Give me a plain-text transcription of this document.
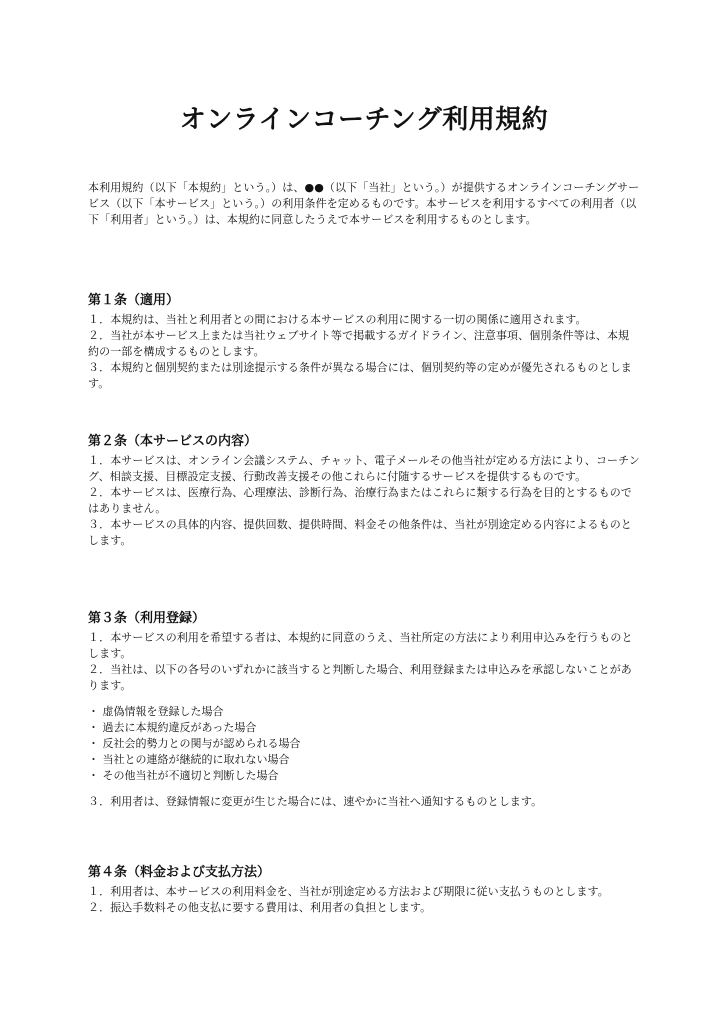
オンラインコーチング利用規約

本利用規約（以下「本規約」という。）は、●●（以下「当社」という。）が提供するオンラインコーチングサービス（以下「本サービス」という。）の利用条件を定めるものです。本サービスを利用するすべての利用者（以下「利用者」という。）は、本規約に同意したうえで本サービスを利用するものとします。

第１条（適用）

１．本規約は、当社と利用者との間における本サービスの利用に関する一切の関係に適用されます。

２．当社が本サービス上または当社ウェブサイト等で掲載するガイドライン、注意事項、個別条件等は、本規約の一部を構成するものとします。

３．本規約と個別契約または別途提示する条件が異なる場合には、個別契約等の定めが優先されるものとします。

第２条（本サービスの内容）

１．本サービスは、オンライン会議システム、チャット、電子メールその他当社が定める方法により、コーチング、相談支援、目標設定支援、行動改善支援その他これらに付随するサービスを提供するものです。

２．本サービスは、医療行為、心理療法、診断行為、治療行為またはこれらに類する行為を目的とするものではありません。

３．本サービスの具体的内容、提供回数、提供時間、料金その他条件は、当社が別途定める内容によるものとします。

第３条（利用登録）

１．本サービスの利用を希望する者は、本規約に同意のうえ、当社所定の方法により利用申込みを行うものとします。

２．当社は、以下の各号のいずれかに該当すると判断した場合、利用登録または申込みを承認しないことがあります。

・ 虚偽情報を登録した場合
・ 過去に本規約違反があった場合
・ 反社会的勢力との関与が認められる場合
・ 当社との連絡が継続的に取れない場合
・ その他当社が不適切と判断した場合

３．利用者は、登録情報に変更が生じた場合には、速やかに当社へ通知するものとします。

第４条（料金および支払方法）

１．利用者は、本サービスの利用料金を、当社が別途定める方法および期限に従い支払うものとします。

２．振込手数料その他支払に要する費用は、利用者の負担とします。
